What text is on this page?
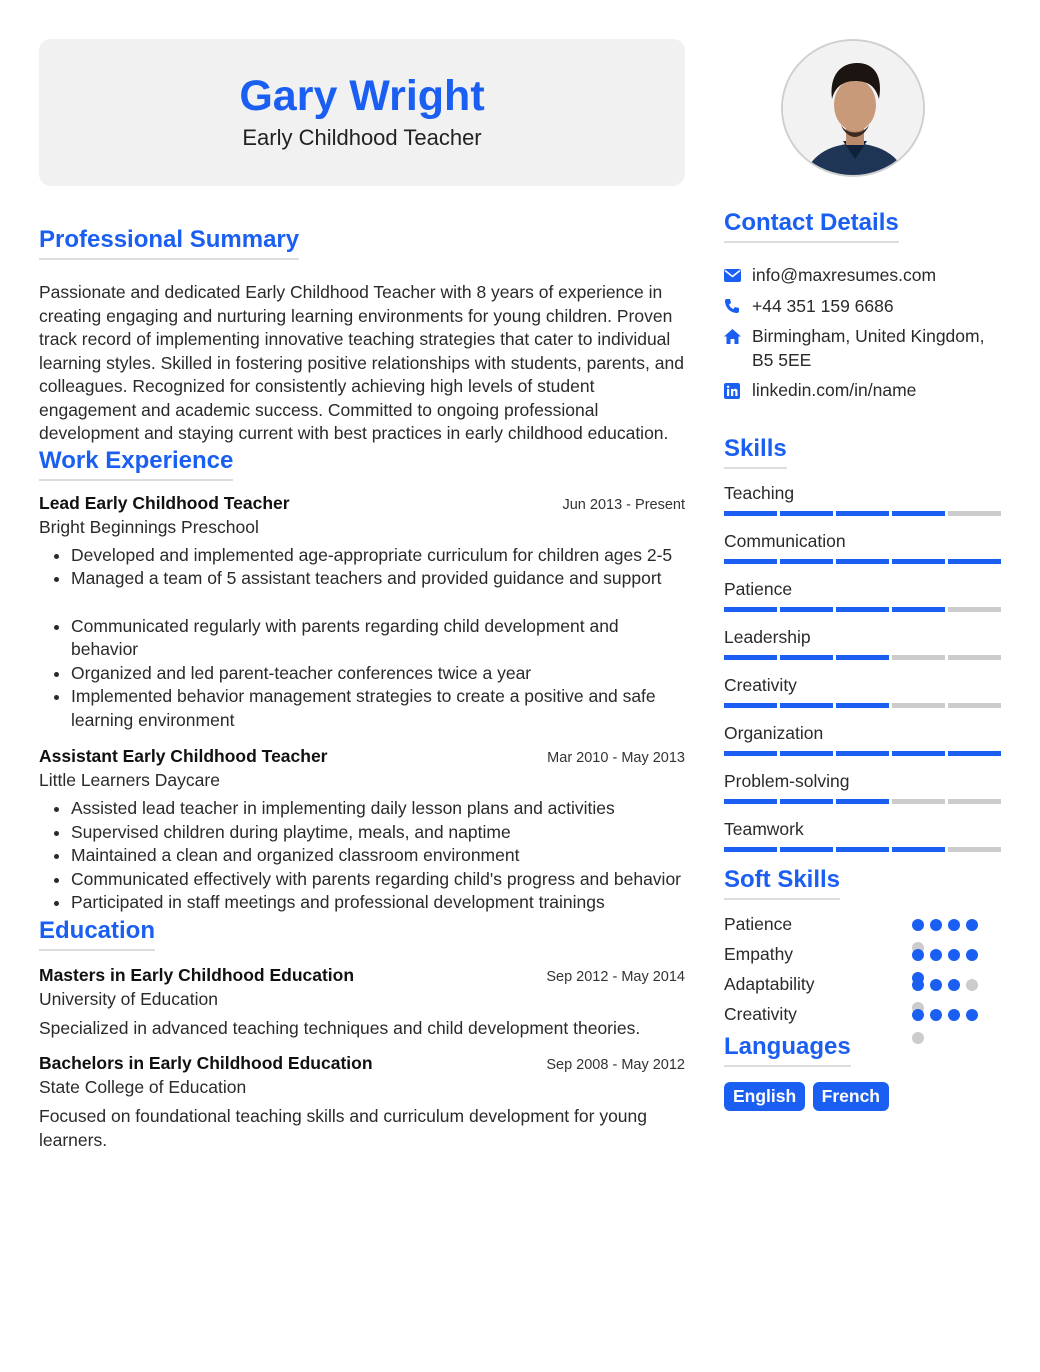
Gary Wright
Early Childhood Teacher
Professional Summary
Passionate and dedicated Early Childhood Teacher with 8 years of experience in creating engaging and nurturing learning environments for young children. Proven track record of implementing innovative teaching strategies that cater to individual learning styles. Skilled in fostering positive relationships with students, parents, and colleagues. Recognized for consistently achieving high levels of student engagement and academic success. Committed to ongoing professional development and staying current with best practices in early childhood education.
Work Experience
Lead Early Childhood Teacher	Jun 2013 - Present
Bright Beginnings Preschool
• Developed and implemented age-appropriate curriculum for children ages 2-5
• Managed a team of 5 assistant teachers and provided guidance and support
• Communicated regularly with parents regarding child development and behavior
• Organized and led parent-teacher conferences twice a year
• Implemented behavior management strategies to create a positive and safe learning environment
Assistant Early Childhood Teacher	Mar 2010 - May 2013
Little Learners Daycare
• Assisted lead teacher in implementing daily lesson plans and activities
• Supervised children during playtime, meals, and naptime
• Maintained a clean and organized classroom environment
• Communicated effectively with parents regarding child's progress and behavior
• Participated in staff meetings and professional development trainings
Education
Masters in Early Childhood Education	Sep 2012 - May 2014
University of Education
Specialized in advanced teaching techniques and child development theories.
Bachelors in Early Childhood Education	Sep 2008 - May 2012
State College of Education
Focused on foundational teaching skills and curriculum development for young learners.
Contact Details
info@maxresumes.com
+44 351 159 6686
Birmingham, United Kingdom, B5 5EE
linkedin.com/in/name
Skills
Teaching
Communication
Patience
Leadership
Creativity
Organization
Problem-solving
Teamwork
Soft Skills
Patience
Empathy
Adaptability
Creativity
Languages
English French
